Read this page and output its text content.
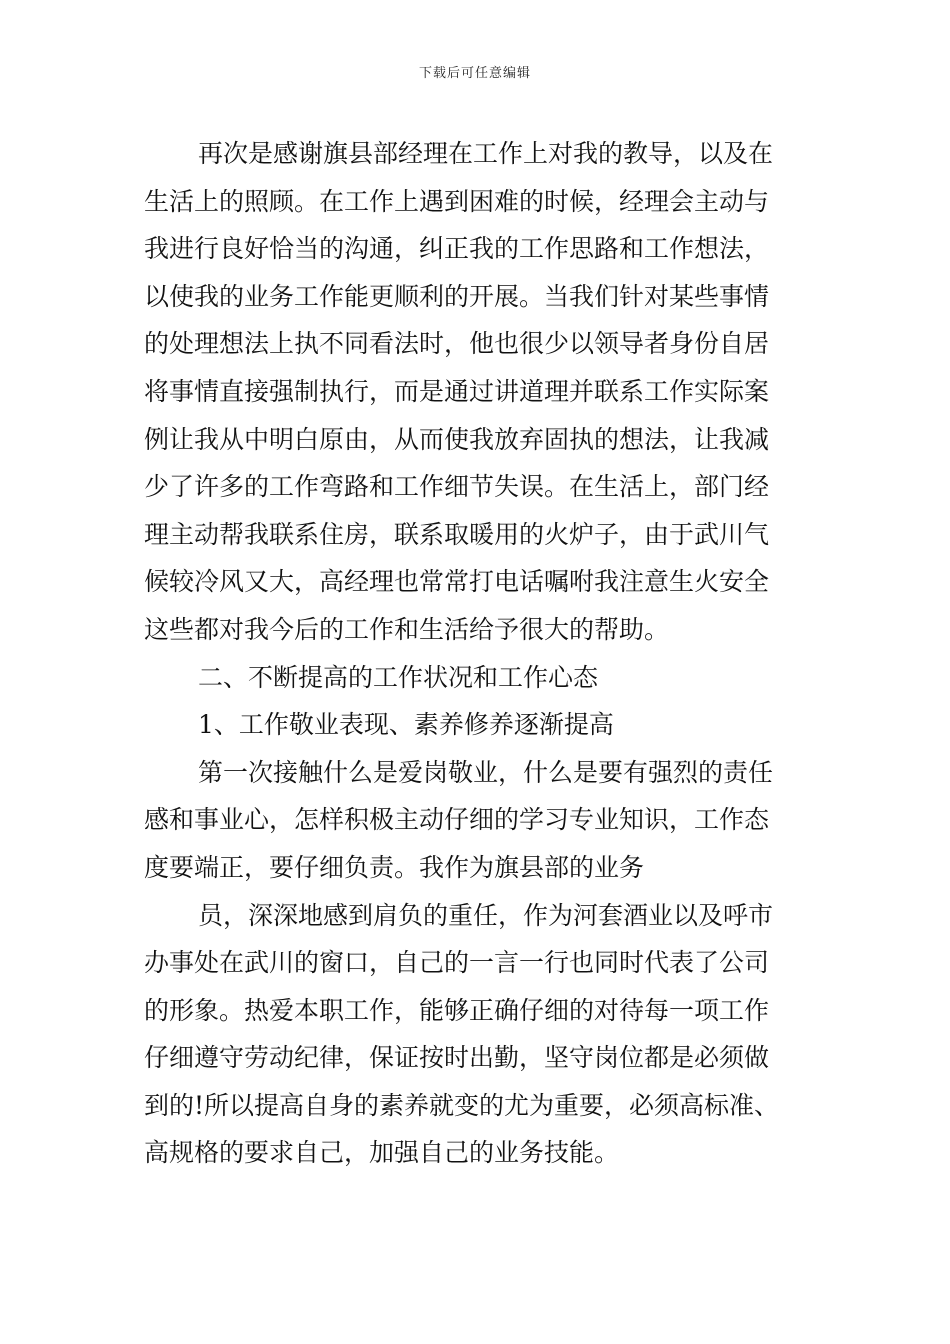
下载后可任意编辑
再次是感谢旗县部经理在工作上对我的教导，以及在
生活上的照顾。在工作上遇到困难的时候，经理会主动与
我进行良好恰当的沟通，纠正我的工作思路和工作想法，
以使我的业务工作能更顺利的开展。当我们针对某些事情
的处理想法上执不同看法时，他也很少以领导者身份自居
将事情直接强制执行，而是通过讲道理并联系工作实际案
例让我从中明白原由，从而使我放弃固执的想法，让我减
少了许多的工作弯路和工作细节失误。在生活上，部门经
理主动帮我联系住房，联系取暖用的火炉子，由于武川气
候较冷风又大，高经理也常常打电话嘱咐我注意生火安全
这些都对我今后的工作和生活给予很大的帮助。
二、不断提高的工作状况和工作心态
1、工作敬业表现、素养修养逐渐提高
第一次接触什么是爱岗敬业，什么是要有强烈的责任
感和事业心，怎样积极主动仔细的学习专业知识，工作态
度要端正，要仔细负责。我作为旗县部的业务
员，深深地感到肩负的重任，作为河套酒业以及呼市
办事处在武川的窗口，自己的一言一行也同时代表了公司
的形象。热爱本职工作，能够正确仔细的对待每一项工作
仔细遵守劳动纪律，保证按时出勤，坚守岗位都是必须做
到的!所以提高自身的素养就变的尤为重要，必须高标准、
高规格的要求自己，加强自己的业务技能。
